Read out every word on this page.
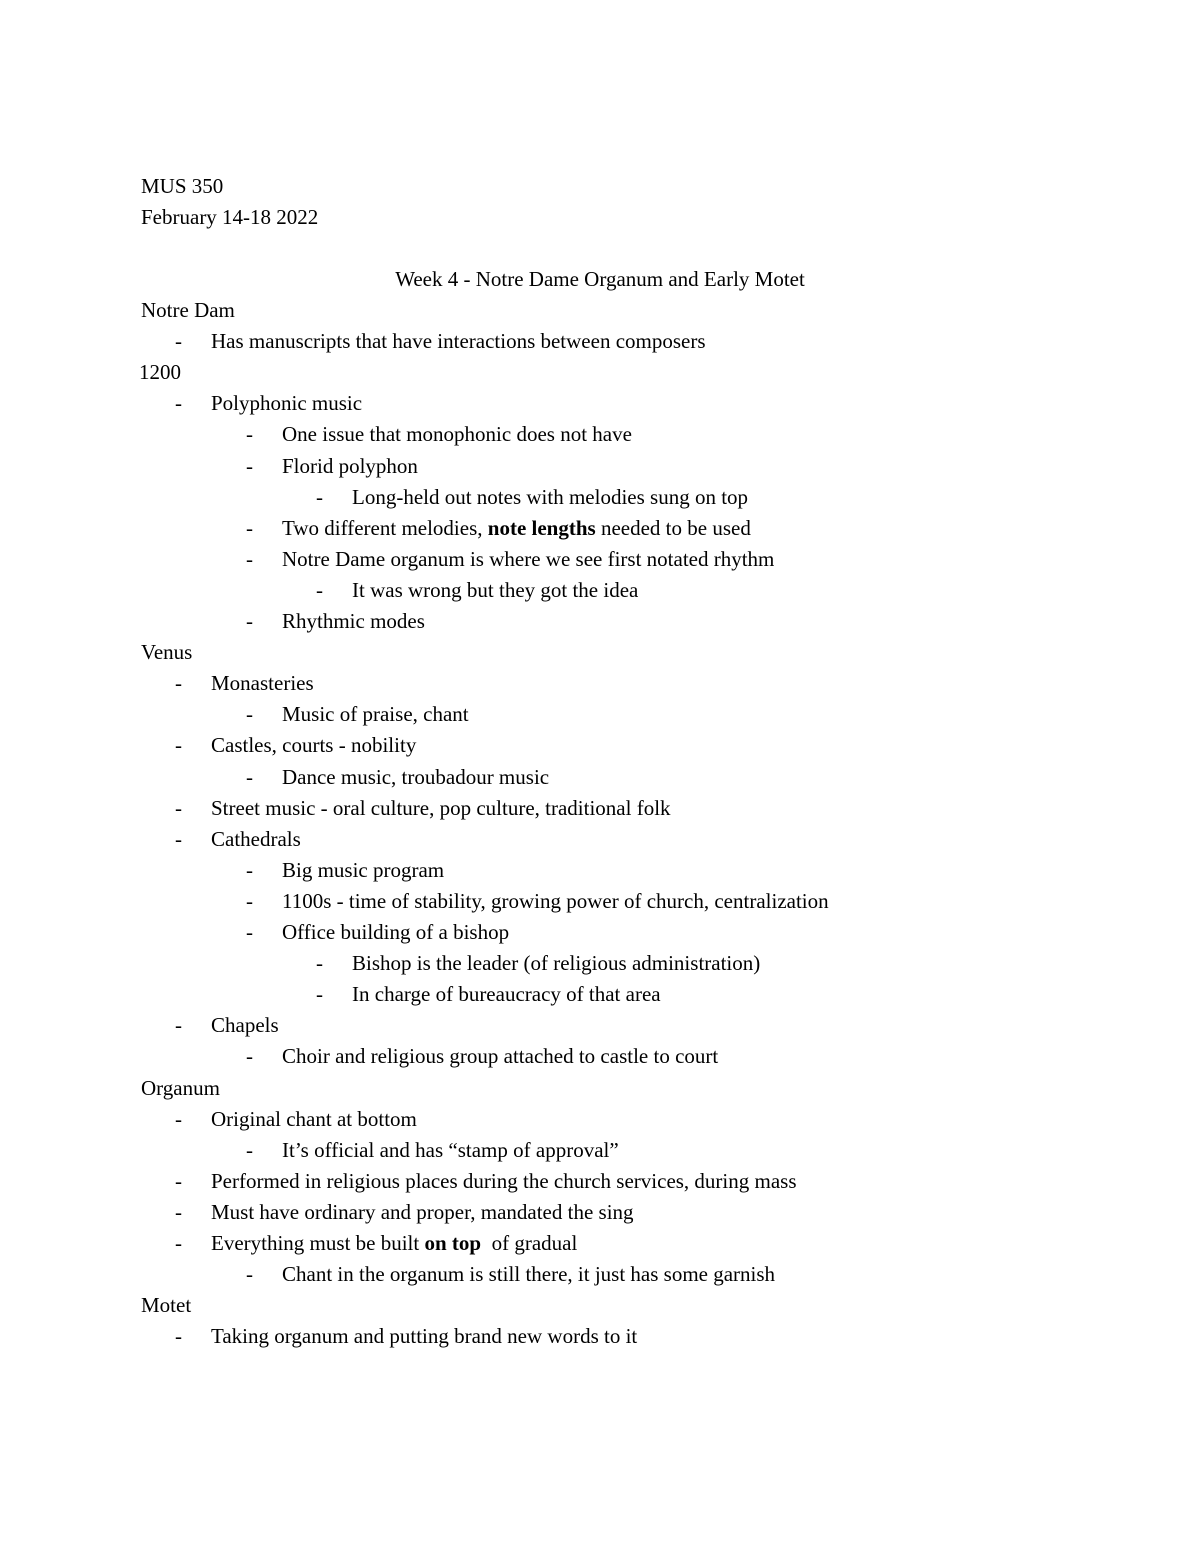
MUS 350
February 14-18 2022
Week 4 - Notre Dame Organum and Early Motet
Notre Dam
- Has manuscripts that have interactions between composers
1200
- Polyphonic music
- One issue that monophonic does not have
- Florid polyphon
- Long-held out notes with melodies sung on top
- Two different melodies, note lengths needed to be used
- Notre Dame organum is where we see first notated rhythm
- It was wrong but they got the idea
- Rhythmic modes
Venus
- Monasteries
- Music of praise, chant
- Castles, courts - nobility
- Dance music, troubadour music
- Street music - oral culture, pop culture, traditional folk
- Cathedrals
- Big music program
- 1100s - time of stability, growing power of church, centralization
- Office building of a bishop
- Bishop is the leader (of religious administration)
- In charge of bureaucracy of that area
- Chapels
- Choir and religious group attached to castle to court
Organum
- Original chant at bottom
- It’s official and has “stamp of approval”
- Performed in religious places during the church services, during mass
- Must have ordinary and proper, mandated the sing
- Everything must be built on top  of gradual
- Chant in the organum is still there, it just has some garnish
Motet
- Taking organum and putting brand new words to it
